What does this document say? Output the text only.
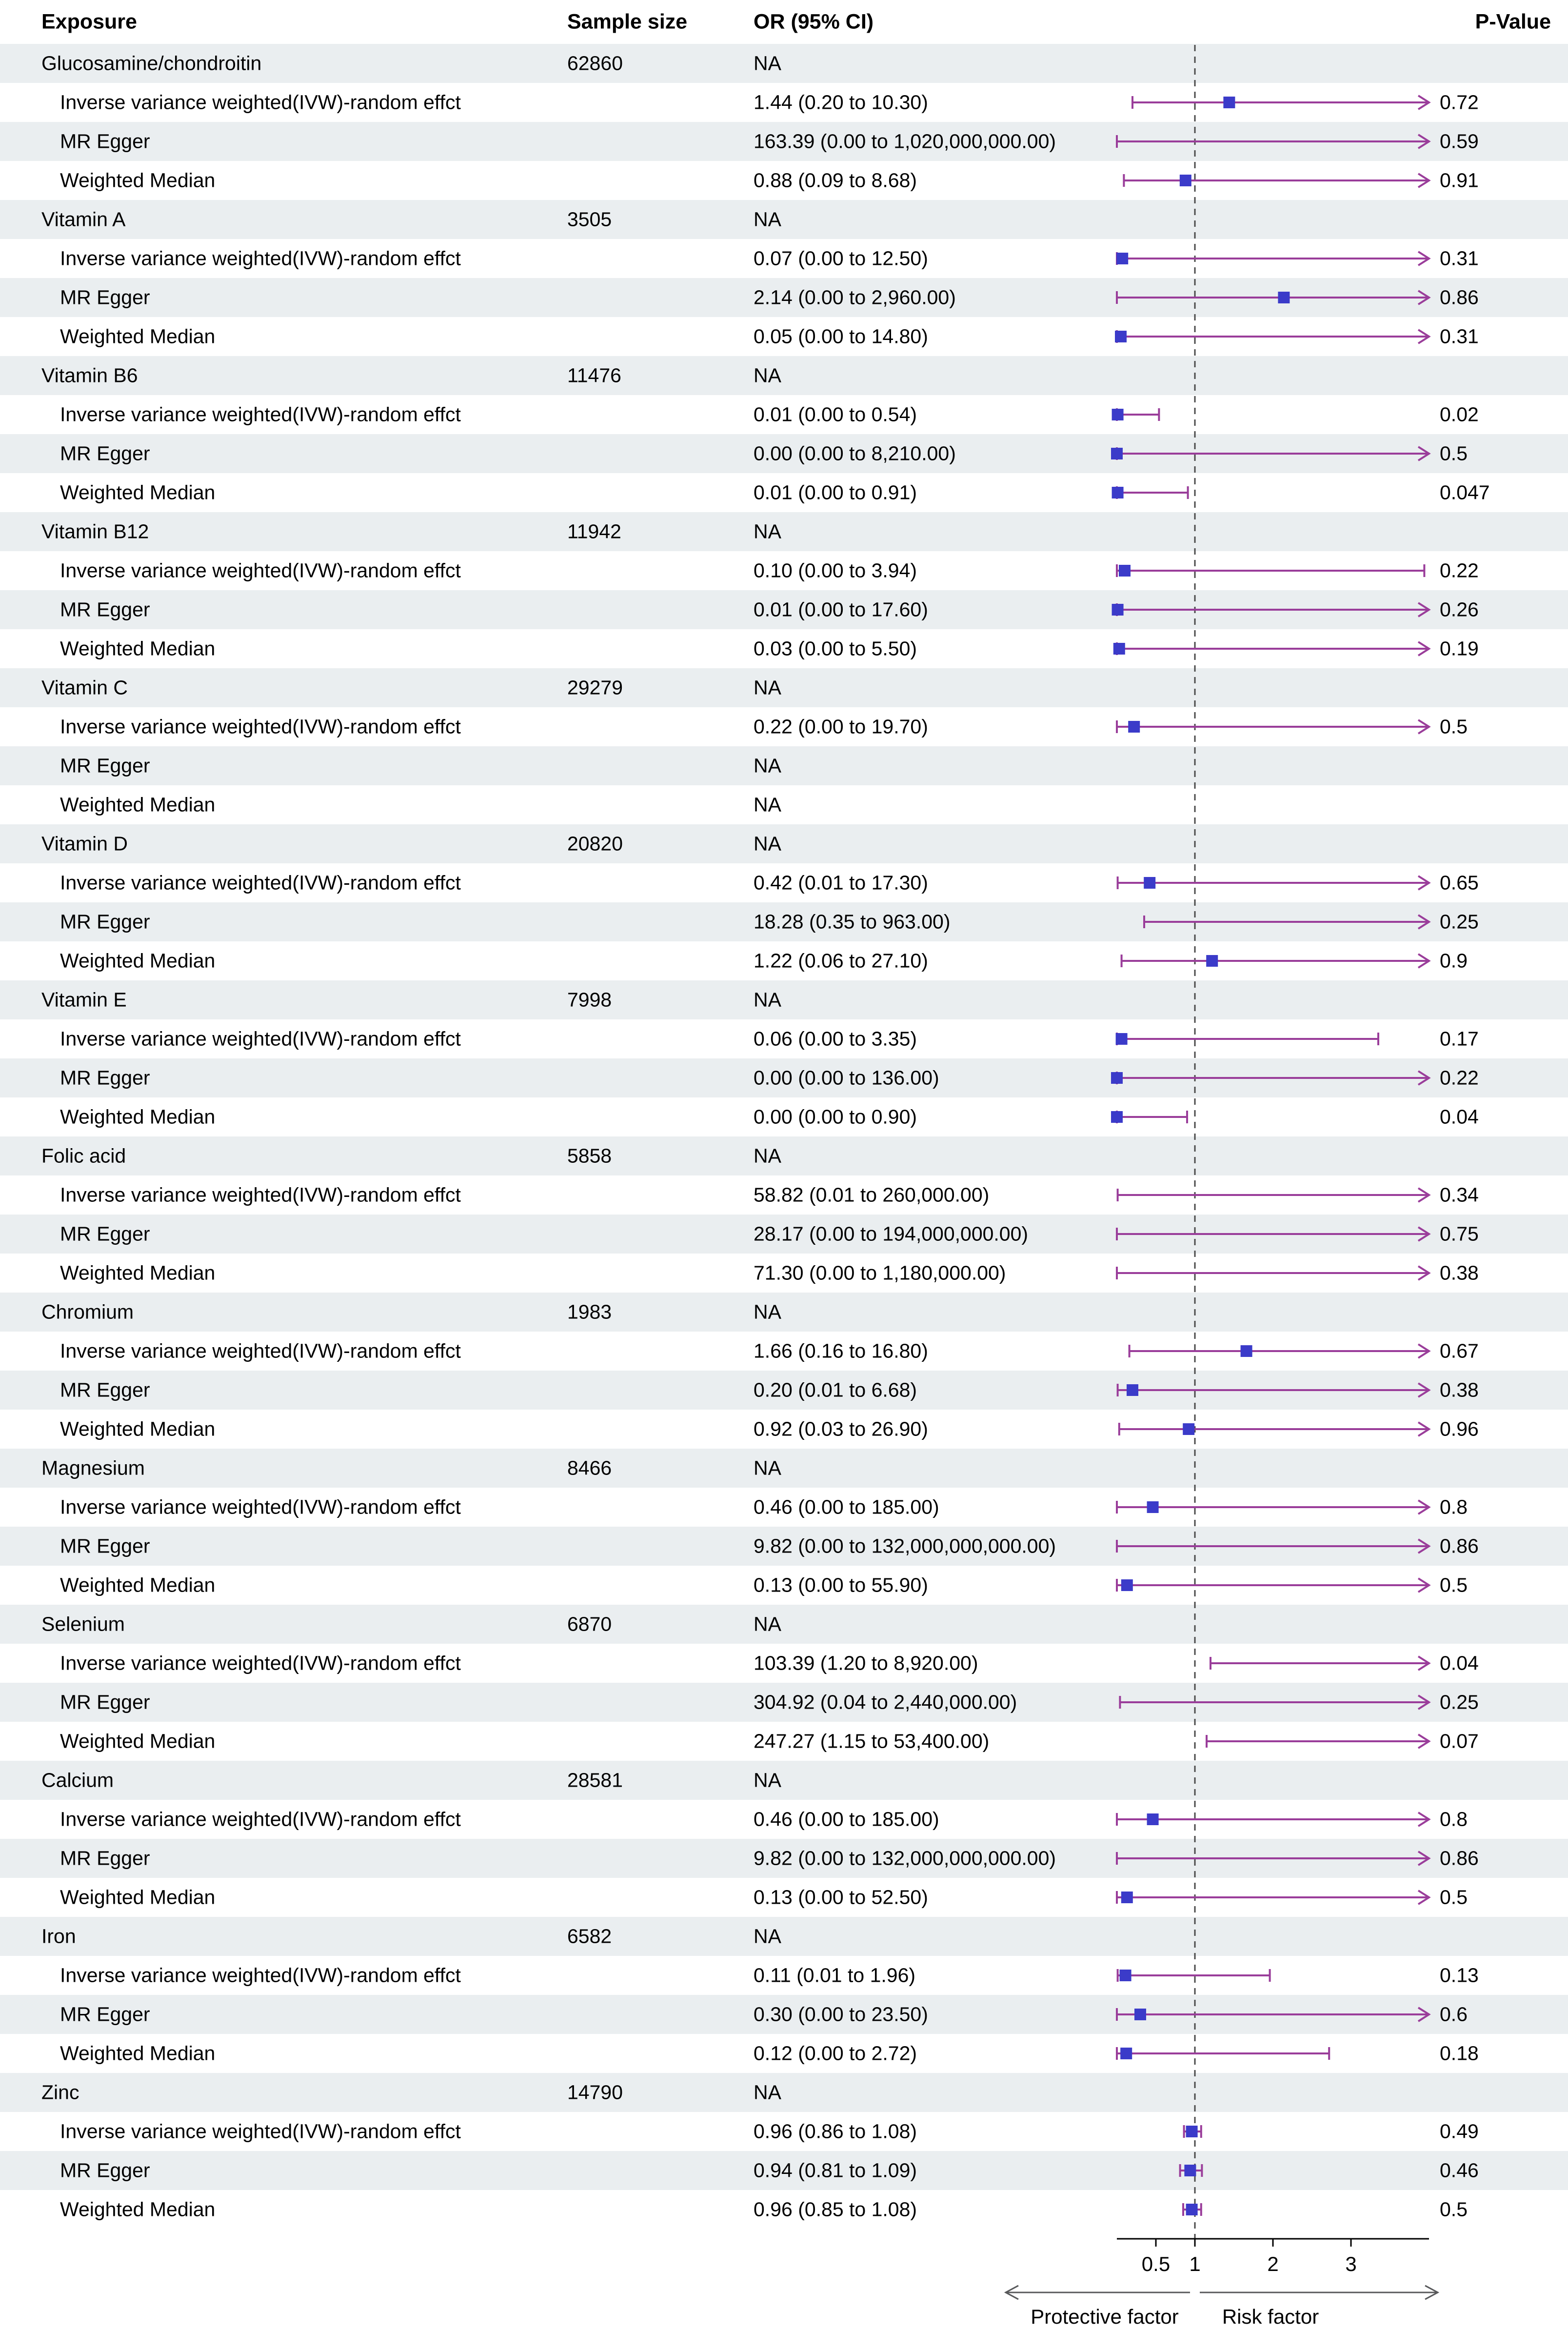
Exposure	Sample size	OR (95% CI)	P-Value
Glucosamine/chondroitin	62860	NA
Inverse variance weighted(IVW)-random effct	1.44 (0.20 to 10.30)	0.72
MR Egger	163.39 (0.00 to 1,020,000,000.00)	0.59
Weighted Median	0.88 (0.09 to 8.68)	0.91
Vitamin A	3505	NA
Inverse variance weighted(IVW)-random effct	0.07 (0.00 to 12.50)	0.31
MR Egger	2.14 (0.00 to 2,960.00)	0.86
Weighted Median	0.05 (0.00 to 14.80)	0.31
Vitamin B6	11476	NA
Inverse variance weighted(IVW)-random effct	0.01 (0.00 to 0.54)	0.02
MR Egger	0.00 (0.00 to 8,210.00)	0.5
Weighted Median	0.01 (0.00 to 0.91)	0.047
Vitamin B12	11942	NA
Inverse variance weighted(IVW)-random effct	0.10 (0.00 to 3.94)	0.22
MR Egger	0.01 (0.00 to 17.60)	0.26
Weighted Median	0.03 (0.00 to 5.50)	0.19
Vitamin C	29279	NA
Inverse variance weighted(IVW)-random effct	0.22 (0.00 to 19.70)	0.5
MR Egger	NA
Weighted Median	NA
Vitamin D	20820	NA
Inverse variance weighted(IVW)-random effct	0.42 (0.01 to 17.30)	0.65
MR Egger	18.28 (0.35 to 963.00)	0.25
Weighted Median	1.22 (0.06 to 27.10)	0.9
Vitamin E	7998	NA
Inverse variance weighted(IVW)-random effct	0.06 (0.00 to 3.35)	0.17
MR Egger	0.00 (0.00 to 136.00)	0.22
Weighted Median	0.00 (0.00 to 0.90)	0.04
Folic acid	5858	NA
Inverse variance weighted(IVW)-random effct	58.82 (0.01 to 260,000.00)	0.34
MR Egger	28.17 (0.00 to 194,000,000.00)	0.75
Weighted Median	71.30 (0.00 to 1,180,000.00)	0.38
Chromium	1983	NA
Inverse variance weighted(IVW)-random effct	1.66 (0.16 to 16.80)	0.67
MR Egger	0.20 (0.01 to 6.68)	0.38
Weighted Median	0.92 (0.03 to 26.90)	0.96
Magnesium	8466	NA
Inverse variance weighted(IVW)-random effct	0.46 (0.00 to 185.00)	0.8
MR Egger	9.82 (0.00 to 132,000,000,000.00)	0.86
Weighted Median	0.13 (0.00 to 55.90)	0.5
Selenium	6870	NA
Inverse variance weighted(IVW)-random effct	103.39 (1.20 to 8,920.00)	0.04
MR Egger	304.92 (0.04 to 2,440,000.00)	0.25
Weighted Median	247.27 (1.15 to 53,400.00)	0.07
Calcium	28581	NA
Inverse variance weighted(IVW)-random effct	0.46 (0.00 to 185.00)	0.8
MR Egger	9.82 (0.00 to 132,000,000,000.00)	0.86
Weighted Median	0.13 (0.00 to 52.50)	0.5
Iron	6582	NA
Inverse variance weighted(IVW)-random effct	0.11 (0.01 to 1.96)	0.13
MR Egger	0.30 (0.00 to 23.50)	0.6
Weighted Median	0.12 (0.00 to 2.72)	0.18
Zinc	14790	NA
Inverse variance weighted(IVW)-random effct	0.96 (0.86 to 1.08)	0.49
MR Egger	0.94 (0.81 to 1.09)	0.46
Weighted Median	0.96 (0.85 to 1.08)	0.5
0.5 1	2	3
Protective factor	Risk factor
